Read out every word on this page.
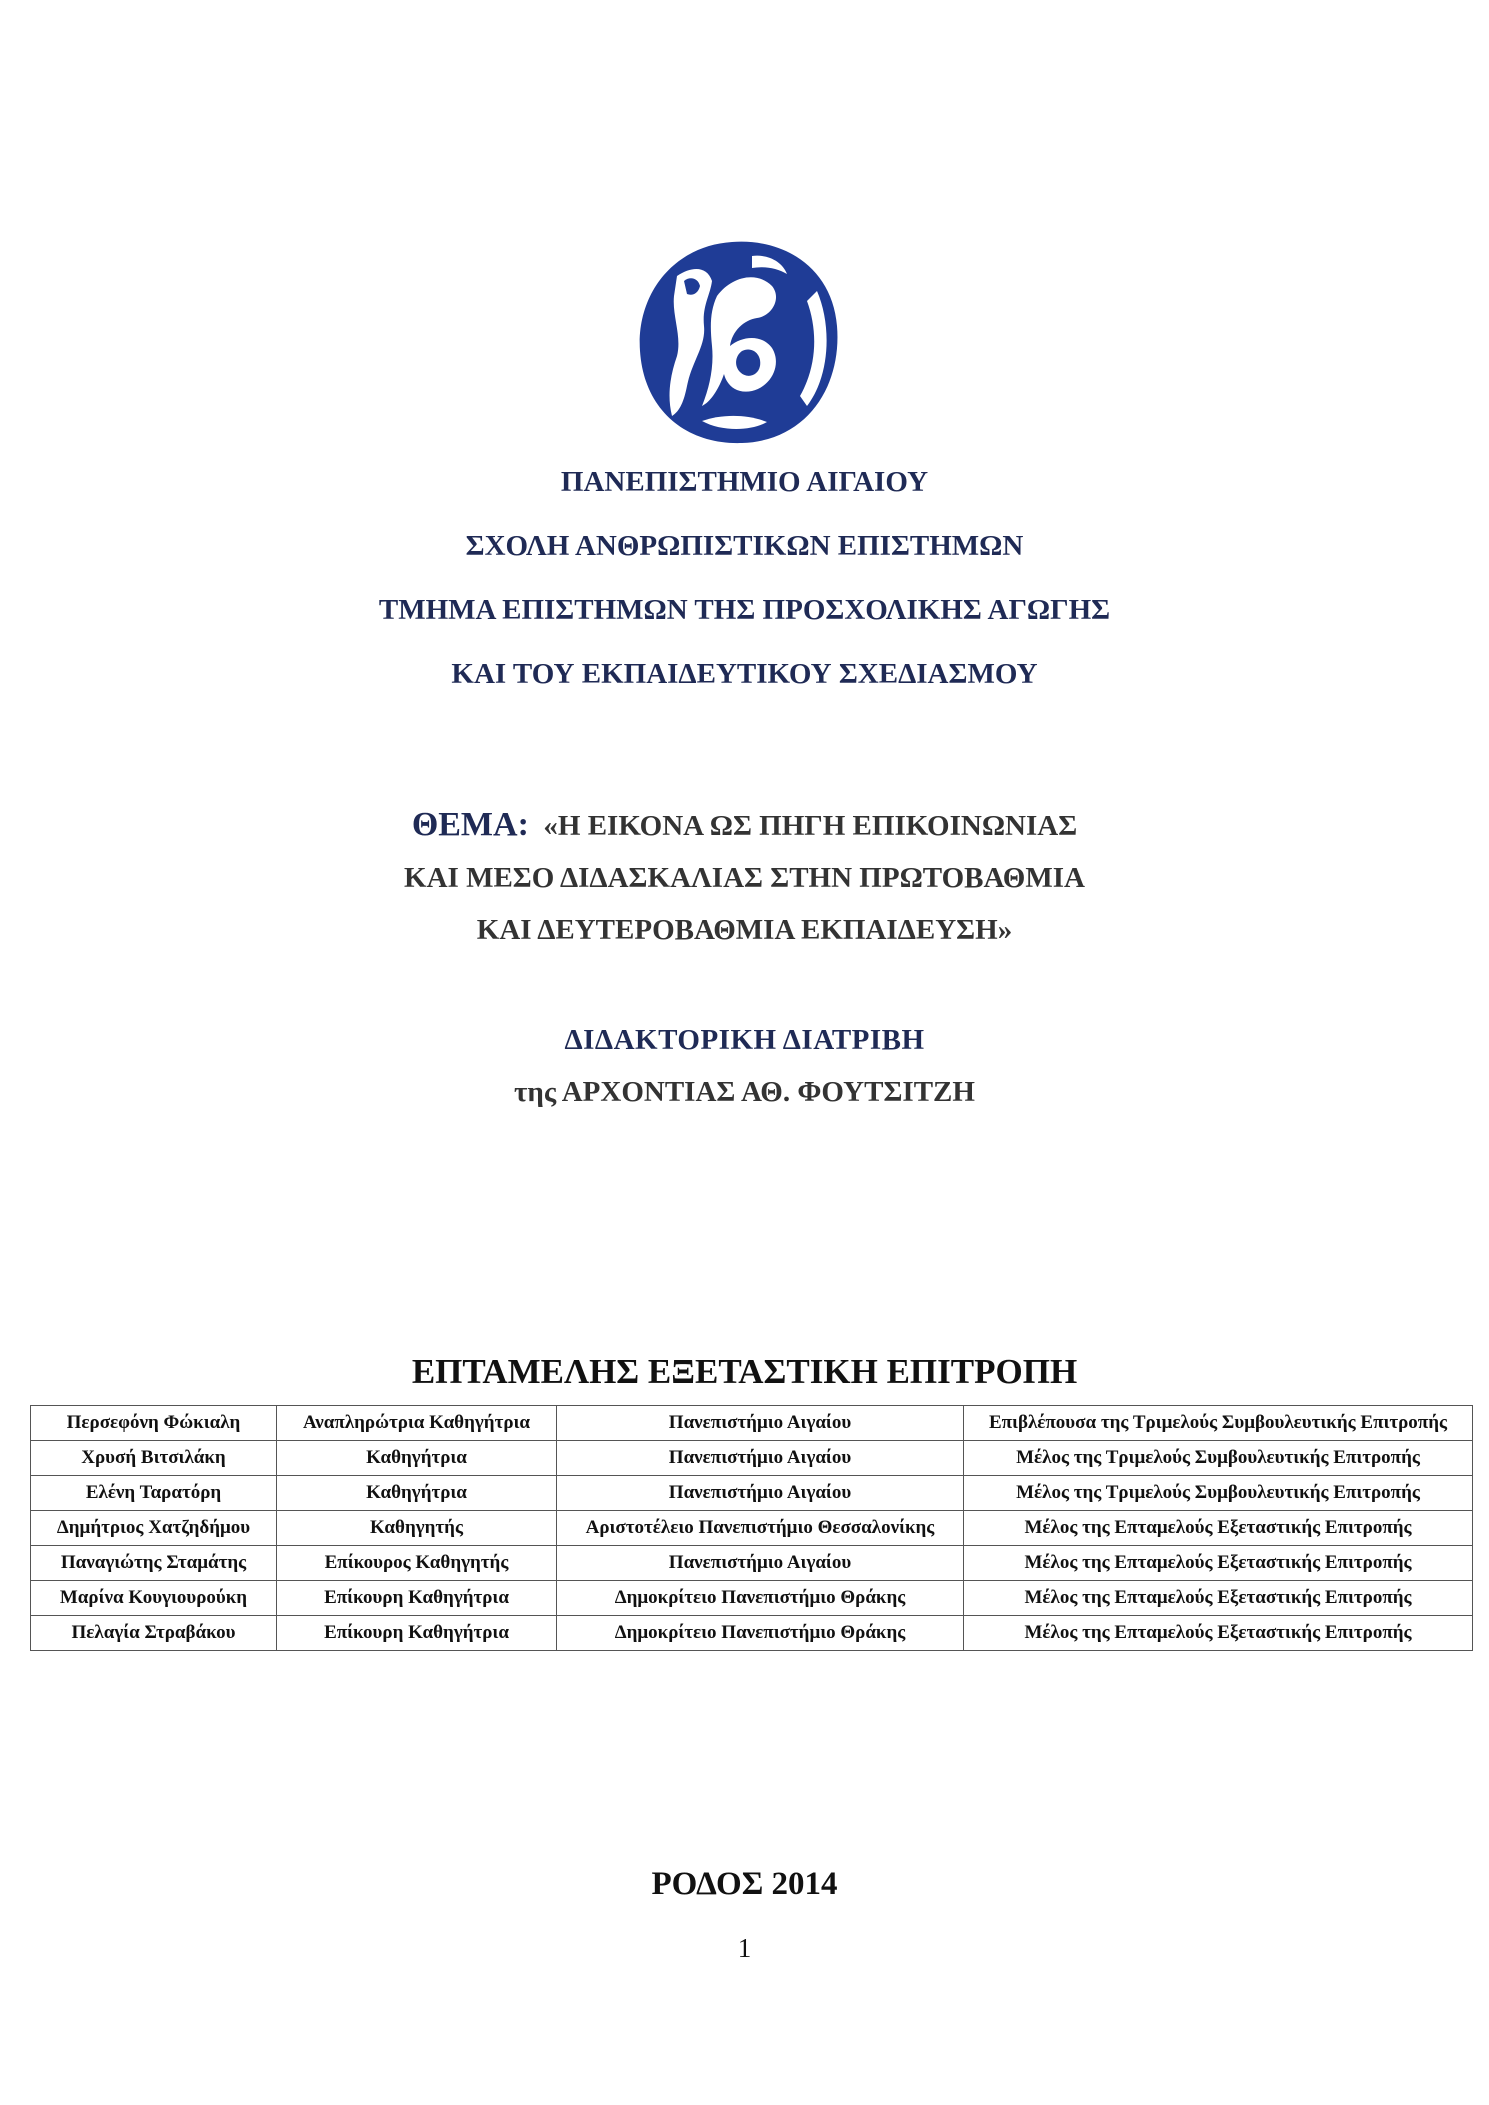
ΠΑΝΕΠΙΣΤΗΜΙΟ ΑΙΓΑΙΟΥ
ΣΧΟΛΗ ΑΝΘΡΩΠΙΣΤΙΚΩΝ ΕΠΙΣΤΗΜΩΝ
ΤΜΗΜΑ ΕΠΙΣΤΗΜΩΝ ΤΗΣ ΠΡΟΣΧΟΛΙΚΗΣ ΑΓΩΓΗΣ
ΚΑΙ ΤΟΥ ΕΚΠΑΙΔΕΥΤΙΚΟΥ ΣΧΕΔΙΑΣΜΟΥ
ΘΕΜΑ: «Η ΕΙΚΟΝΑ ΩΣ ΠΗΓΗ ΕΠΙΚΟΙΝΩΝΙΑΣ
ΚΑΙ ΜΕΣΟ ΔΙΔΑΣΚΑΛΙΑΣ ΣΤΗΝ ΠΡΩΤΟΒΑΘΜΙΑ
ΚΑΙ ΔΕΥΤΕΡΟΒΑΘΜΙΑ ΕΚΠΑΙΔΕΥΣΗ»
ΔΙΔΑΚΤΟΡΙΚΗ ΔΙΑΤΡΙΒΗ
της ΑΡΧΟΝΤΙΑΣ ΑΘ. ΦΟΥΤΣΙΤΖΗ
ΕΠΤΑΜΕΛΗΣ ΕΞΕΤΑΣΤΙΚΗ ΕΠΙΤΡΟΠΗ
Περσεφόνη Φώκιαλη	Αναπληρώτρια Καθηγήτρια	Πανεπιστήμιο Αιγαίου	Επιβλέπουσα της Τριμελούς Συμβουλευτικής Επιτροπής
Χρυσή Βιτσιλάκη	Καθηγήτρια	Πανεπιστήμιο Αιγαίου	Μέλος της Τριμελούς Συμβουλευτικής Επιτροπής
Ελένη Ταρατόρη	Καθηγήτρια	Πανεπιστήμιο Αιγαίου	Μέλος της Τριμελούς Συμβουλευτικής Επιτροπής
Δημήτριος Χατζηδήμου	Καθηγητής	Αριστοτέλειο Πανεπιστήμιο Θεσσαλονίκης	Μέλος της Επταμελούς Εξεταστικής Επιτροπής
Παναγιώτης Σταμάτης	Επίκουρος Καθηγητής	Πανεπιστήμιο Αιγαίου	Μέλος της Επταμελούς Εξεταστικής Επιτροπής
Μαρίνα Κουγιουρούκη	Επίκουρη Καθηγήτρια	Δημοκρίτειο Πανεπιστήμιο Θράκης	Μέλος της Επταμελούς Εξεταστικής Επιτροπής
Πελαγία Στραβάκου	Επίκουρη Καθηγήτρια	Δημοκρίτειο Πανεπιστήμιο Θράκης	Μέλος της Επταμελούς Εξεταστικής Επιτροπής
ΡΟΔΟΣ 2014
1
